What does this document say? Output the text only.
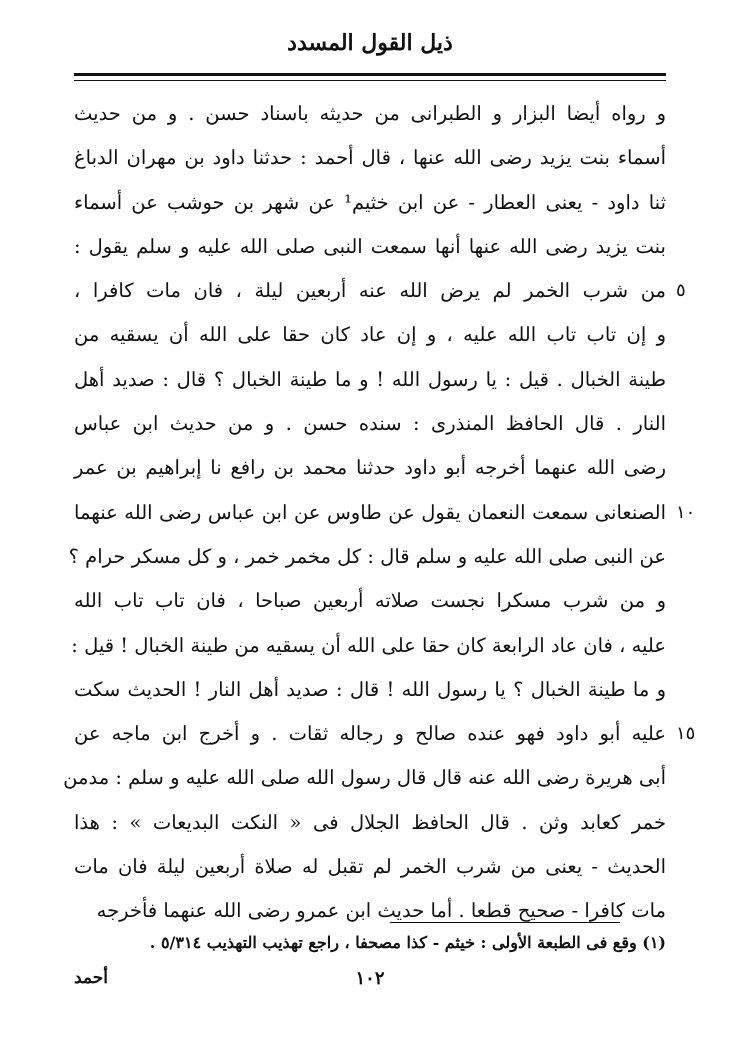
ذيل القول المسدد
و رواه أيضا البزار و الطبرانى من حديثه باسناد حسن . و من حديث
أسماء بنت يزيد رضى الله عنها ، قال أحمد : حدثنا داود بن مهران الدباغ
ثنا داود - يعنى العطار - عن ابن خثيم¹ عن شهر بن حوشب عن أسماء
بنت يزيد رضى الله عنها أنها سمعت النبى صلى الله عليه و سلم يقول :
٥
من شرب الخمر لم يرض الله عنه أربعين ليلة ، فان مات كافرا ،
و إن تاب تاب الله عليه ، و إن عاد كان حقا على الله أن يسقيه من
طينة الخبال . قيل : يا رسول الله ! و ما طينة الخبال ؟ قال : صديد أهل
النار . قال الحافظ المنذرى : سنده حسن . و من حديث ابن عباس
رضى الله عنهما أخرجه أبو داود حدثنا محمد بن رافع نا إبراهيم بن عمر
١٠
الصنعانى سمعت النعمان يقول عن طاوس عن ابن عباس رضى الله عنهما
عن النبى صلى الله عليه و سلم قال : كل مخمر خمر ، و كل مسكر حرام ؟
و من شرب مسكرا نجست صلاته أربعين صباحا ، فان تاب تاب الله
عليه ، فان عاد الرابعة كان حقا على الله أن يسقيه من طينة الخبال ! قيل :
و ما طينة الخبال ؟ يا رسول الله ! قال : صديد أهل النار ! الحديث سكت
١٥
عليه أبو داود فهو عنده صالح و رجاله ثقات . و أخرج ابن ماجه عن
أبى هريرة رضى الله عنه قال قال رسول الله صلى الله عليه و سلم : مدمن
خمر كعابد وثن . قال الحافظ الجلال فى « النكت البديعات » : هذا
الحديث - يعنى من شرب الخمر لم تقبل له صلاة أربعين ليلة فان مات
مات كافرا - صحيح قطعا . أما حديث ابن عمرو رضى الله عنهما فأخرجه
(١) وقع فى الطبعة الأولى : خيثم - كذا مصحفا ، راجع تهذيب التهذيب ٥/٣١٤ .
١٠٢
أحمد
